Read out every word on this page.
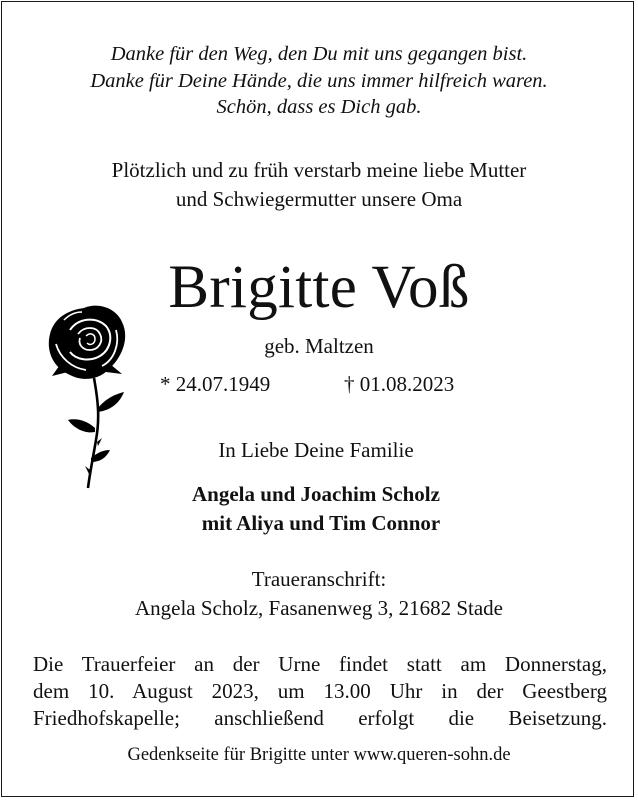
Danke für den Weg, den Du mit uns gegangen bist.
Danke für Deine Hände, die uns immer hilfreich waren.
Schön, dass es Dich gab.
Plötzlich und zu früh verstarb meine liebe Mutter
und Schwiegermutter unsere Oma
Brigitte Voß
geb. Maltzen
* 24.07.1949	† 01.08.2023
In Liebe Deine Familie
Angela und Joachim Scholz
mit Aliya und Tim Connor
Traueranschrift:
Angela Scholz, Fasanenweg 3, 21682 Stade
Die Trauerfeier an der Urne findet statt am Donnerstag,
dem 10. August 2023, um 13.00 Uhr in der Geestberg
Friedhofskapelle; anschließend erfolgt die Beisetzung.
Gedenkseite für Brigitte unter www.queren-sohn.de
